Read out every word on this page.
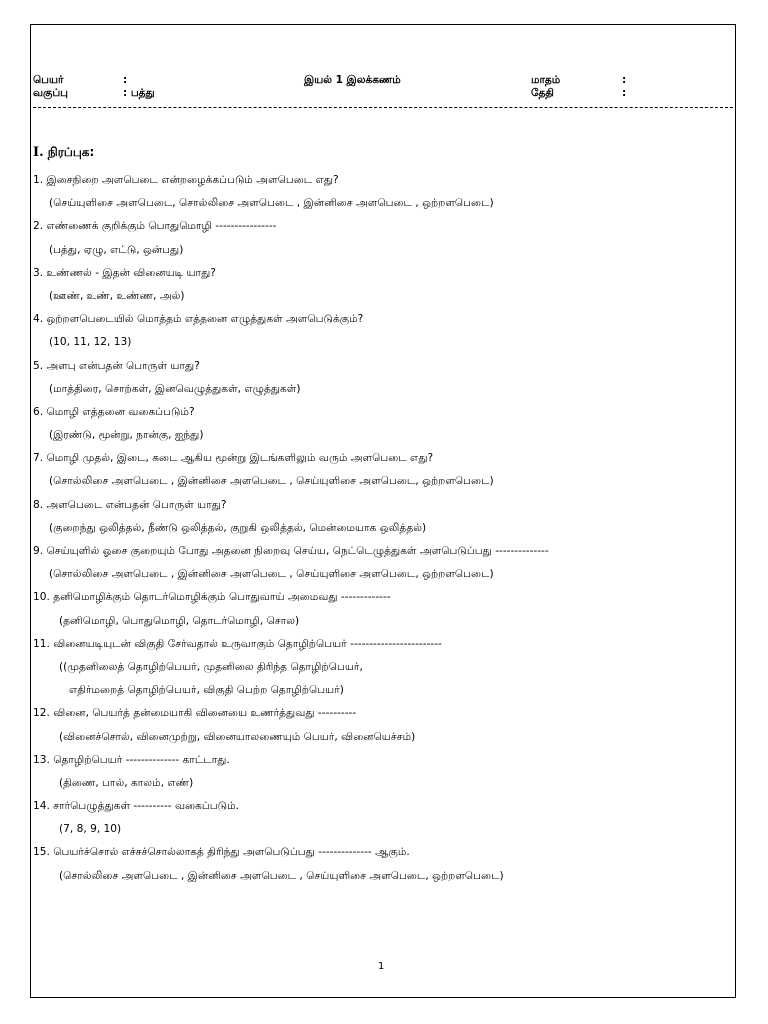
பெயர்	:	இயல் 1 இலக்கணம்	மாதம்	:
வகுப்பு	: பத்து	தேதி	:
I. நிரப்புக:
1. இசைநிறை அளபெடை என்றழைக்கப்படும் அளபெடை எது?
(செய்யுளிசை அளபெடை, சொல்லிசை அளபெடை , இன்னிசை அளபெடை , ஒற்றளபெடை)
2. எண்ணைக் குறிக்கும் பொதுமொழி ----------------
(பத்து, ஏழு, எட்டு, ஒன்பது)
3. உண்ணல் - இதன் வினையடி யாது?
(ஊண், உண், உண்ண, அல்)
4. ஒற்றளபெடையில் மொத்தம் எத்தனை எழுத்துகள் அளபெடுக்கும்?
(10, 11, 12, 13)
5. அளபு என்பதன் பொருள் யாது?
(மாத்திரை, சொற்கள், இனவெழுத்துகள், எழுத்துகள்)
6. மொழி எத்தனை வகைப்படும்?
(இரண்டு, மூன்று, நான்கு, ஐந்து)
7. மொழி முதல், இடை, கடை ஆகிய மூன்று இடங்களிலும் வரும் அளபெடை எது?
(சொல்லிசை அளபெடை , இன்னிசை அளபெடை , செய்யுளிசை அளபெடை, ஒற்றளபெடை)
8. அளபெடை என்பதன் பொருள் யாது?
(குறைந்து ஒலித்தல், நீண்டு ஒலித்தல், குறுகி ஒலித்தல், மென்மையாக ஒலித்தல்)
9. செய்யுளில் ஓசை குறையும் போது அதனை நிறைவு செய்ய, நெட்டெழுத்துகள் அளபெடுப்பது --------------
(சொல்லிசை அளபெடை , இன்னிசை அளபெடை , செய்யுளிசை அளபெடை, ஒற்றளபெடை)
10. தனிமொழிக்கும் தொடர்மொழிக்கும் பொதுவாய் அமைவது -------------
(தனிமொழி, பொதுமொழி, தொடர்மொழி, சொல)
11. வினையடியுடன் விகுதி சேர்வதால் உருவாகும் தொழிற்பெயர் ------------------------
((முதனிலைத் தொழிற்பெயர், முதனிலை திரிந்த தொழிற்பெயர்,
எதிர்மறைத் தொழிற்பெயர், விகுதி பெற்ற தொழிற்பெயர்)
12. வினை, பெயர்த் தன்மையாகி வினையை உணர்த்துவது ----------
(வினைச்சொல், வினைமுற்று, வினையாலணையும் பெயர், வினையெச்சம்)
13. தொழிற்பெயர் -------------- காட்டாது.
(திணை, பால், காலம், எண்)
14. சார்பெழுத்துகள் ---------- வகைப்படும்.
(7, 8, 9, 10)
15. பெயர்ச்சொல் எச்சச்சொல்லாகத் திரிந்து அளபெடுப்பது -------------- ஆகும்.
(சொல்லிசை அளபெடை , இன்னிசை அளபெடை , செய்யுளிசை அளபெடை, ஒற்றளபெடை)
1
